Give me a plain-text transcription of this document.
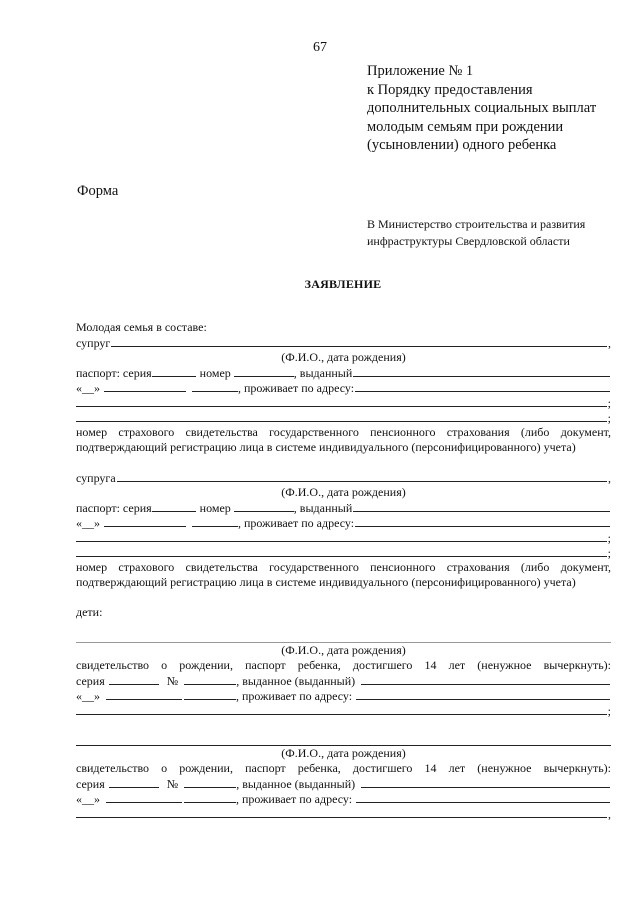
67
Приложение № 1
к Порядку предоставления
дополнительных социальных выплат
молодым семьям при рождении
(усыновлении) одного ребенка
Форма
В Министерство строительства и развития
инфраструктуры Свердловской области
ЗАЯВЛЕНИЕ
Молодая семья в составе:
супруг	,
(Ф.И.О., дата рождения)
паспорт: серия	номер	, выданный
«__»	, проживает по адресу:
;
;
номер страхового свидетельства государственного пенсионного страхования (либо документ,
подтверждающий регистрацию лица в системе индивидуального (персонифицированного) учета)
супруга	,
(Ф.И.О., дата рождения)
паспорт: серия	номер	, выданный
«__»	, проживает по адресу:
;
;
номер страхового свидетельства государственного пенсионного страхования (либо документ,
подтверждающий регистрацию лица в системе индивидуального (персонифицированного) учета)
дети:
(Ф.И.О., дата рождения)
свидетельство о рождении, паспорт ребенка, достигшего 14 лет (ненужное вычеркнуть):
серия	№	, выданное (выданный)
«__»	, проживает по адресу:
;
(Ф.И.О., дата рождения)
свидетельство о рождении, паспорт ребенка, достигшего 14 лет (ненужное вычеркнуть):
серия	№	, выданное (выданный)
«__»	, проживает по адресу:
,
